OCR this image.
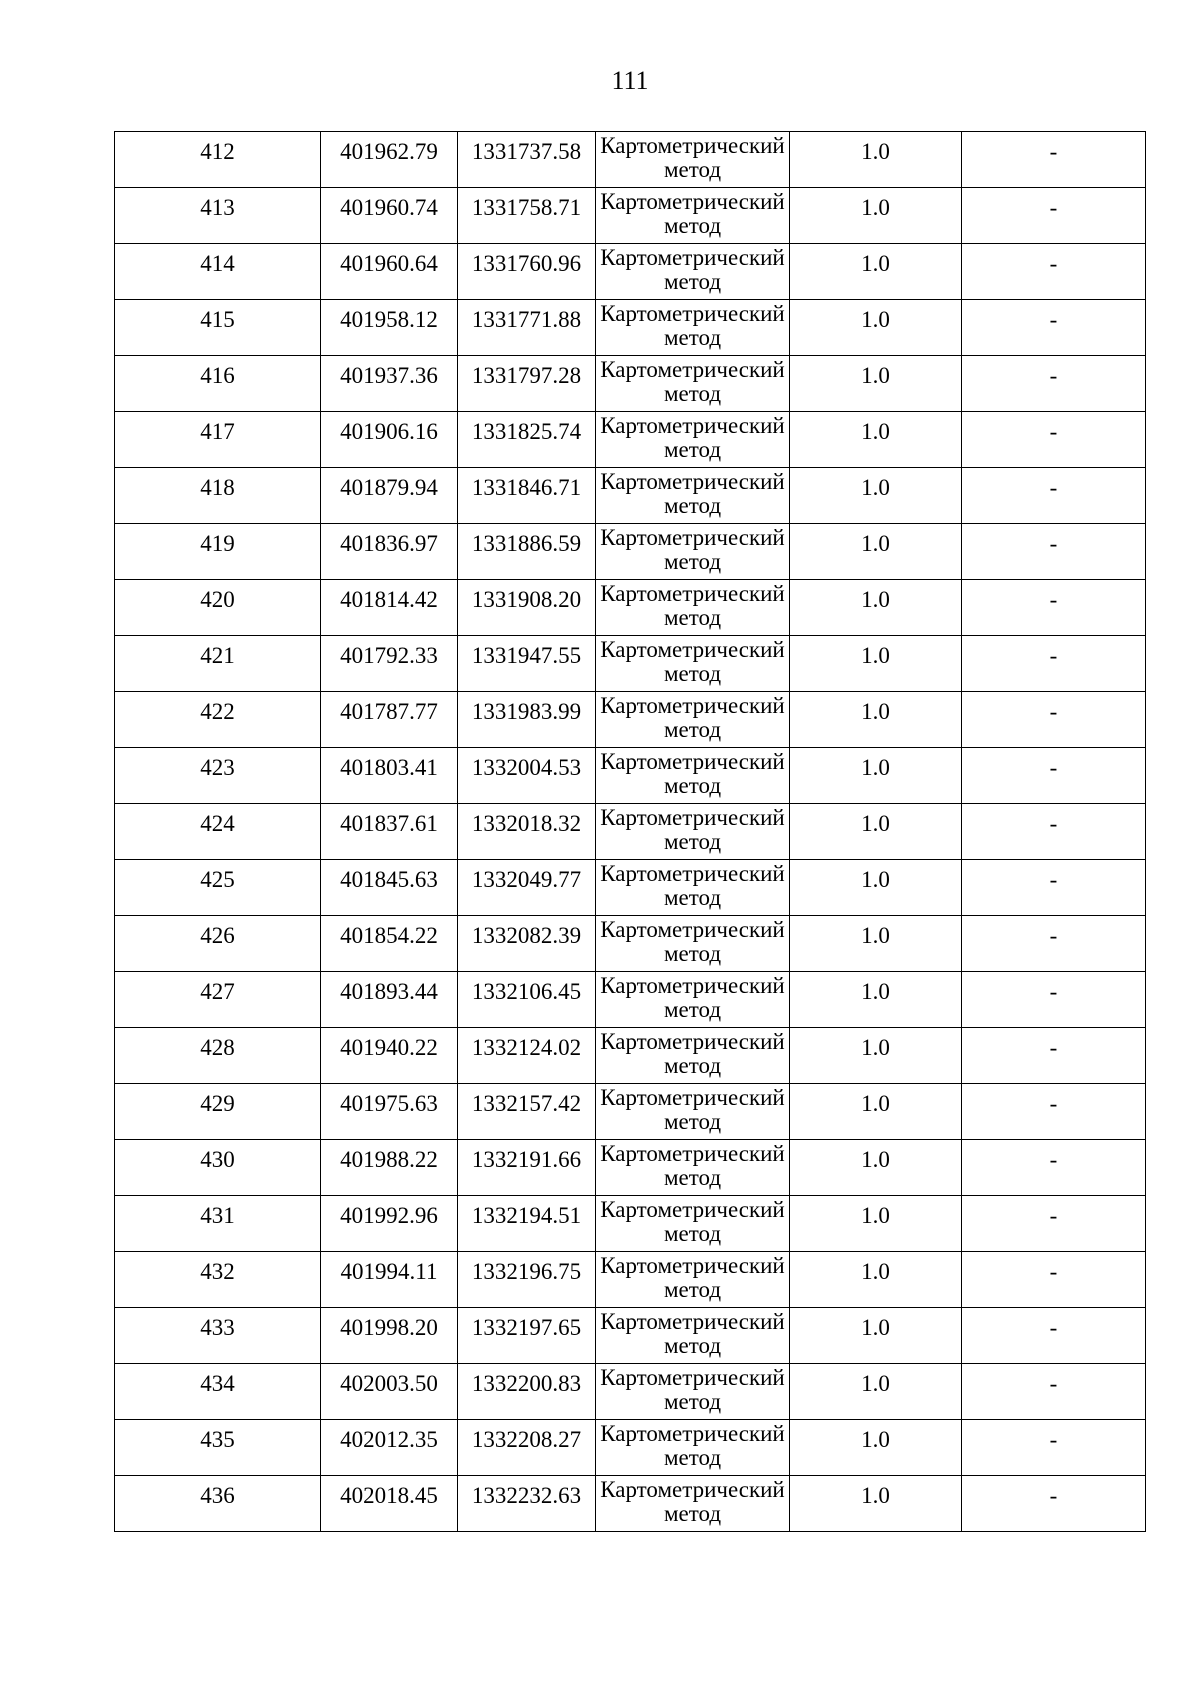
111
412	401962.79	1331737.58	Картометрический
метод	1.0	-
413	401960.74	1331758.71	Картометрический
метод	1.0	-
414	401960.64	1331760.96	Картометрический
метод	1.0	-
415	401958.12	1331771.88	Картометрический
метод	1.0	-
416	401937.36	1331797.28	Картометрический
метод	1.0	-
417	401906.16	1331825.74	Картометрический
метод	1.0	-
418	401879.94	1331846.71	Картометрический
метод	1.0	-
419	401836.97	1331886.59	Картометрический
метод	1.0	-
420	401814.42	1331908.20	Картометрический
метод	1.0	-
421	401792.33	1331947.55	Картометрический
метод	1.0	-
422	401787.77	1331983.99	Картометрический
метод	1.0	-
423	401803.41	1332004.53	Картометрический
метод	1.0	-
424	401837.61	1332018.32	Картометрический
метод	1.0	-
425	401845.63	1332049.77	Картометрический
метод	1.0	-
426	401854.22	1332082.39	Картометрический
метод	1.0	-
427	401893.44	1332106.45	Картометрический
метод	1.0	-
428	401940.22	1332124.02	Картометрический
метод	1.0	-
429	401975.63	1332157.42	Картометрический
метод	1.0	-
430	401988.22	1332191.66	Картометрический
метод	1.0	-
431	401992.96	1332194.51	Картометрический
метод	1.0	-
432	401994.11	1332196.75	Картометрический
метод	1.0	-
433	401998.20	1332197.65	Картометрический
метод	1.0	-
434	402003.50	1332200.83	Картометрический
метод	1.0	-
435	402012.35	1332208.27	Картометрический
метод	1.0	-
436	402018.45	1332232.63	Картометрический
метод	1.0	-
